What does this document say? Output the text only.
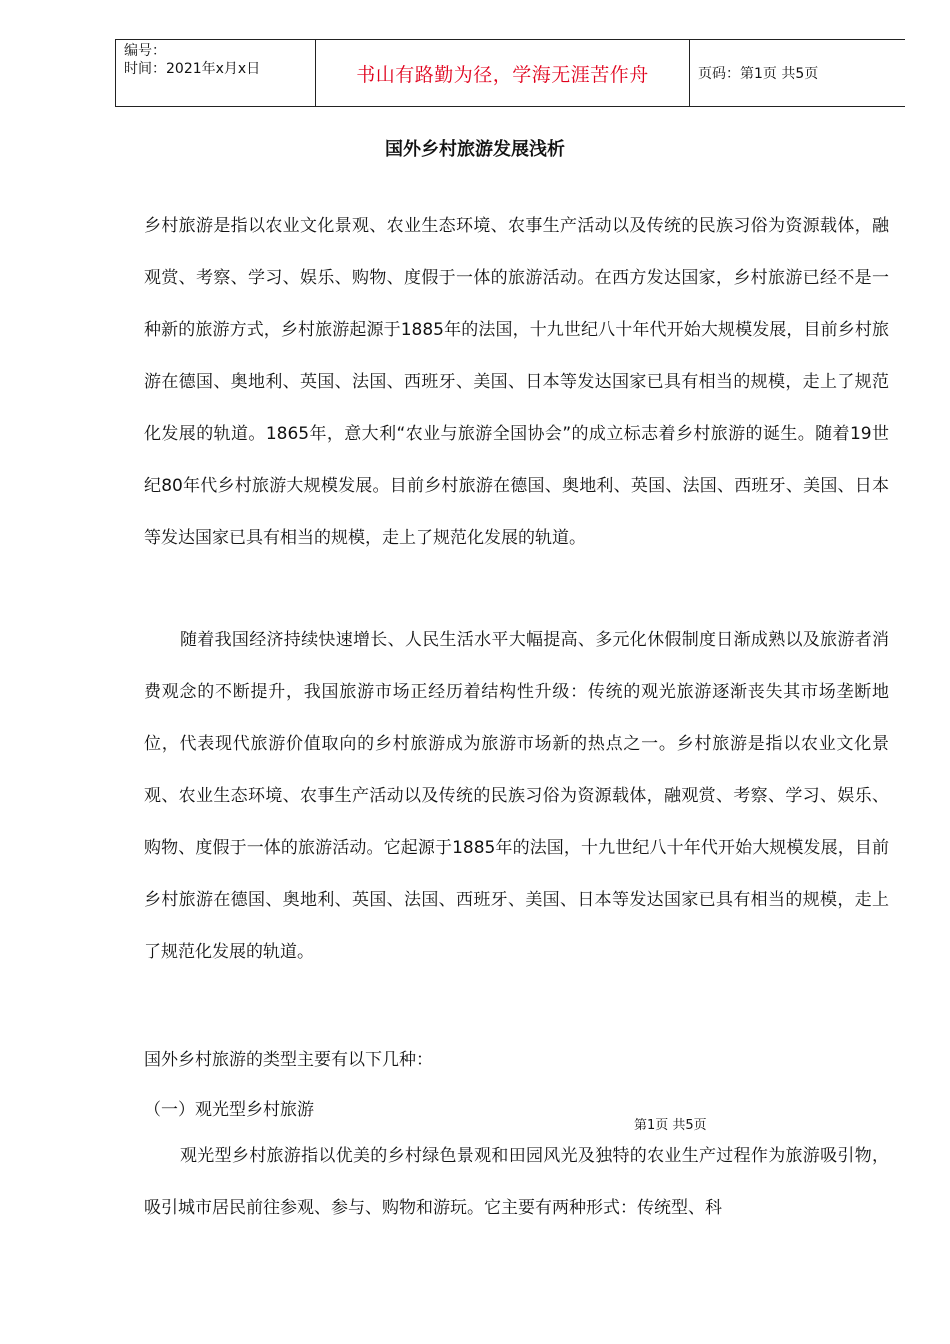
编号：
时间：2021年x月x日	书山有路勤为径，学海无涯苦作舟	页码：第1页 共5页
国外乡村旅游发展浅析

乡村旅游是指以农业文化景观、农业生态环境、农事生产活动以及传统的民族习俗为资源载体，融观赏、考察、学习、娱乐、购物、度假于一体的旅游活动。在西方发达国家，乡村旅游已经不是一种新的旅游方式，乡村旅游起源于1885年的法国，十九世纪八十年代开始大规模发展，目前乡村旅游在德国、奥地利、英国、法国、西班牙、美国、日本等发达国家已具有相当的规模，走上了规范化发展的轨道。1865年，意大利“农业与旅游全国协会”的成立标志着乡村旅游的诞生。随着19世纪80年代乡村旅游大规模发展。目前乡村旅游在德国、奥地利、英国、法国、西班牙、美国、日本等发达国家已具有相当的规模，走上了规范化发展的轨道。

随着我国经济持续快速增长、人民生活水平大幅提高、多元化休假制度日渐成熟以及旅游者消费观念的不断提升，我国旅游市场正经历着结构性升级：传统的观光旅游逐渐丧失其市场垄断地位，代表现代旅游价值取向的乡村旅游成为旅游市场新的热点之一。乡村旅游是指以农业文化景观、农业生态环境、农事生产活动以及传统的民族习俗为资源载体，融观赏、考察、学习、娱乐、购物、度假于一体的旅游活动。它起源于1885年的法国，十九世纪八十年代开始大规模发展，目前乡村旅游在德国、奥地利、英国、法国、西班牙、美国、日本等发达国家已具有相当的规模，走上了规范化发展的轨道。

国外乡村旅游的类型主要有以下几种：

（一）观光型乡村旅游

第1页 共5页

观光型乡村旅游指以优美的乡村绿色景观和田园风光及独特的农业生产过程作为旅游吸引物，吸引城市居民前往参观、参与、购物和游玩。它主要有两种形式：传统型、科
